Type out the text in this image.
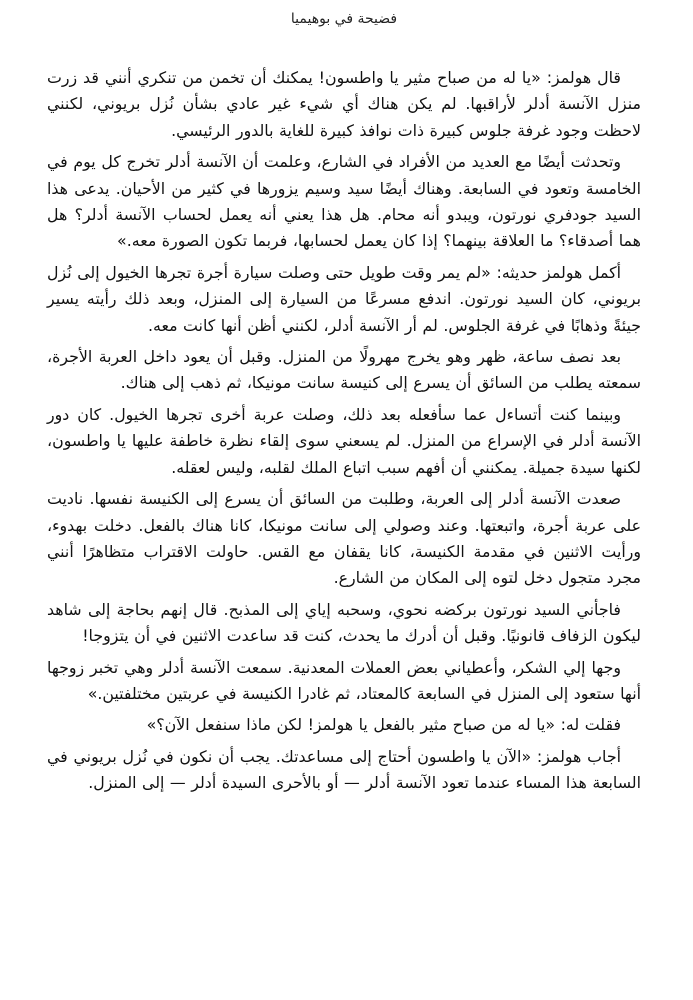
فضيحة في بوهيميا

قال هولمز: «يا له من صباح مثير يا واطسون! يمكنك أن تخمن من تنكري أنني قد زرت منزل الآنسة أدلر لأراقبها. لم يكن هناك أي شيء غير عادي بشأن نُزل بريوني، لكنني لاحظت وجود غرفة جلوس كبيرة ذات نوافذ كبيرة للغاية بالدور الرئيسي.

وتحدثت أيضًا مع العديد من الأفراد في الشارع، وعلمت أن الآنسة أدلر تخرج كل يوم في الخامسة وتعود في السابعة. وهناك أيضًا سيد وسيم يزورها في كثير من الأحيان. يدعى هذا السيد جودفري نورتون، ويبدو أنه محام. هل هذا يعني أنه يعمل لحساب الآنسة أدلر؟ هل هما أصدقاء؟ ما العلاقة بينهما؟ إذا كان يعمل لحسابها، فربما تكون الصورة معه.»

أكمل هولمز حديثه: «لم يمر وقت طويل حتى وصلت سيارة أجرة تجرها الخيول إلى نُزل بريوني، كان السيد نورتون. اندفع مسرعًا من السيارة إلى المنزل، وبعد ذلك رأيته يسير جيئةً وذهابًا في غرفة الجلوس. لم أر الآنسة أدلر، لكنني أظن أنها كانت معه.

بعد نصف ساعة، ظهر وهو يخرج مهرولًا من المنزل. وقبل أن يعود داخل العربة الأجرة، سمعته يطلب من السائق أن يسرع إلى كنيسة سانت مونيكا، ثم ذهب إلى هناك.

وبينما كنت أتساءل عما سأفعله بعد ذلك، وصلت عربة أخرى تجرها الخيول. كان دور الآنسة أدلر في الإسراع من المنزل. لم يسعني سوى إلقاء نظرة خاطفة عليها يا واطسون، لكنها سيدة جميلة. يمكنني أن أفهم سبب اتباع الملك لقلبه، وليس لعقله.

صعدت الآنسة أدلر إلى العربة، وطلبت من السائق أن يسرع إلى الكنيسة نفسها. ناديت على عربة أجرة، واتبعتها. وعند وصولي إلى سانت مونيكا، كانا هناك بالفعل. دخلت بهدوء، ورأيت الاثنين في مقدمة الكنيسة، كانا يقفان مع القس. حاولت الاقتراب متظاهرًا أنني مجرد متجول دخل لتوه إلى المكان من الشارع.

فاجأني السيد نورتون بركضه نحوي، وسحبه إياي إلى المذبح. قال إنهم بحاجة إلى شاهد ليكون الزفاف قانونيًا. وقبل أن أدرك ما يحدث، كنت قد ساعدت الاثنين في أن يتزوجا!

وجها إلي الشكر، وأعطياني بعض العملات المعدنية. سمعت الآنسة أدلر وهي تخبر زوجها أنها ستعود إلى المنزل في السابعة كالمعتاد، ثم غادرا الكنيسة في عربتين مختلفتين.»

فقلت له: «يا له من صباح مثير بالفعل يا هولمز! لكن ماذا سنفعل الآن؟»

أجاب هولمز: «الآن يا واطسون أحتاج إلى مساعدتك. يجب أن نكون في نُزل بريوني في السابعة هذا المساء عندما تعود الآنسة أدلر — أو بالأحرى السيدة أدلر — إلى المنزل.
